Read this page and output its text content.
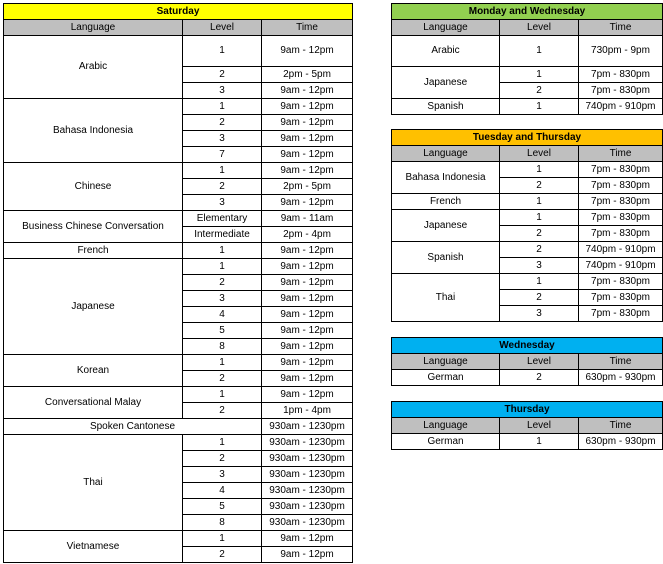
Saturday		
Language	Level	Time
Arabic	1	9am - 12pm
	2	2pm - 5pm
	3	9am - 12pm
Bahasa Indonesia	1	9am - 12pm
	2	9am - 12pm
	3	9am - 12pm
	7	9am - 12pm
Chinese	1	9am - 12pm
	2	2pm - 5pm
	3	9am - 12pm
Business Chinese Conversation	Elementary	9am - 11am
	Intermediate	2pm - 4pm
French	1	9am - 12pm
Japanese	1	9am - 12pm
	2	9am - 12pm
	3	9am - 12pm
	4	9am - 12pm
	5	9am - 12pm
	8	9am - 12pm
Korean	1	9am - 12pm
	2	9am - 12pm
Conversational Malay	1	9am - 12pm
	2	1pm - 4pm
Spoken Cantonese		930am - 1230pm
Thai	1	930am - 1230pm
	2	930am - 1230pm
	3	930am - 1230pm
	4	930am - 1230pm
	5	930am - 1230pm
	8	930am - 1230pm
Vietnamese	1	9am - 12pm
	2	9am - 12pm
Monday and Wednesday		
Language	Level	Time
Arabic	1	730pm - 9pm
Japanese	1	7pm - 830pm
	2	7pm - 830pm
Spanish	1	740pm - 910pm
Tuesday and Thursday		
Language	Level	Time
Bahasa Indonesia	1	7pm - 830pm
	2	7pm - 830pm
French	1	7pm - 830pm
Japanese	1	7pm - 830pm
	2	7pm - 830pm
Spanish	2	740pm - 910pm
	3	740pm - 910pm
Thai	1	7pm - 830pm
	2	7pm - 830pm
	3	7pm - 830pm
Wednesday		
Language	Level	Time
German	2	630pm - 930pm
Thursday		
Language	Level	Time
German	1	630pm - 930pm
